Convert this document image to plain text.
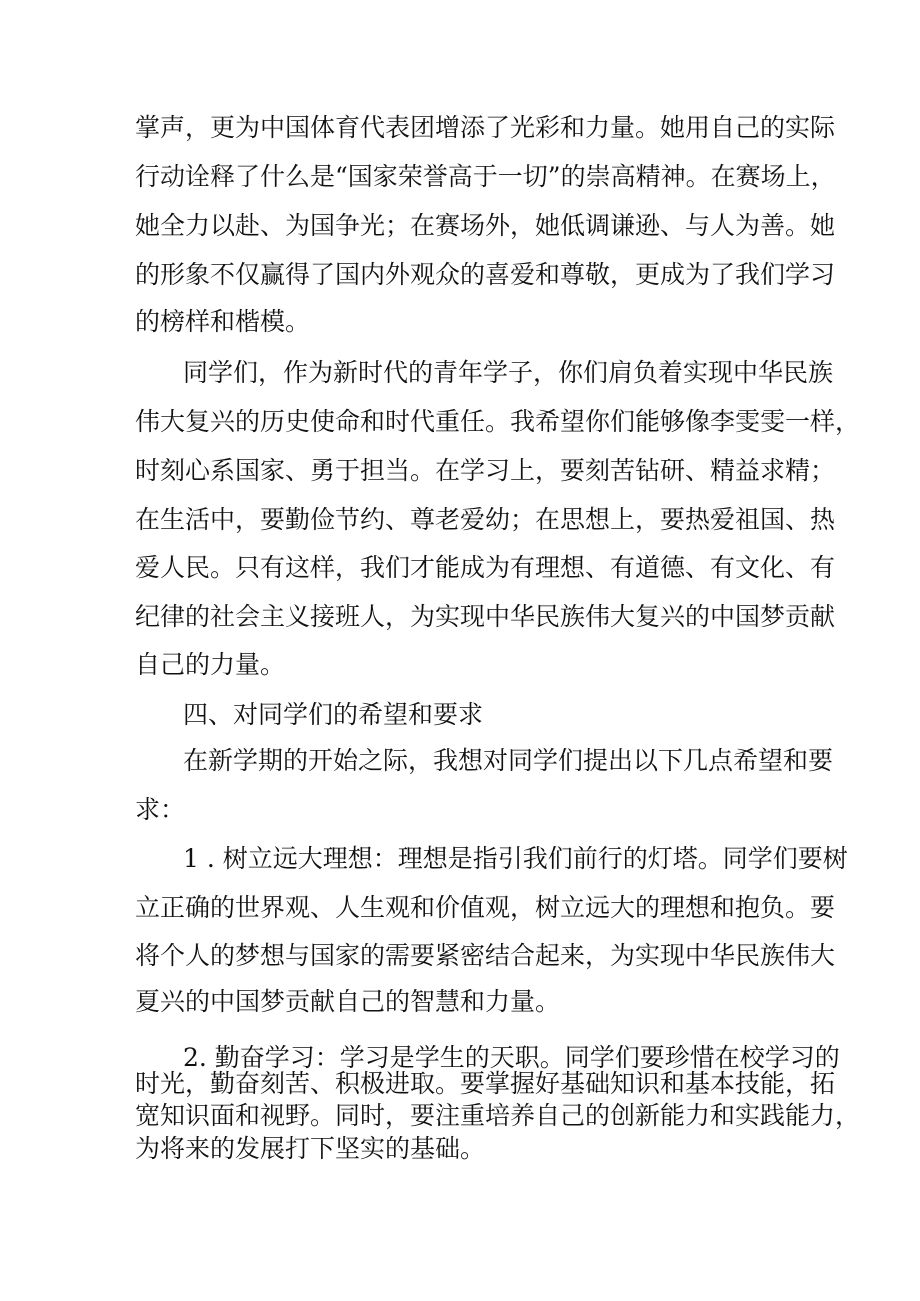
掌声，更为中国体育代表团增添了光彩和力量。她用自己的实际
行动诠释了什么是“国家荣誉高于一切”的崇高精神。在赛场上，
她全力以赴、为国争光；在赛场外，她低调谦逊、与人为善。她
的形象不仅赢得了国内外观众的喜爱和尊敬，更成为了我们学习
的榜样和楷模。
同学们，作为新时代的青年学子，你们肩负着实现中华民族
伟大复兴的历史使命和时代重任。我希望你们能够像李雯雯一样，
时刻心系国家、勇于担当。在学习上，要刻苦钻研、精益求精；
在生活中，要勤俭节约、尊老爱幼；在思想上，要热爱祖国、热
爱人民。只有这样，我们才能成为有理想、有道德、有文化、有
纪律的社会主义接班人，为实现中华民族伟大复兴的中国梦贡献
自己的力量。
四、对同学们的希望和要求
在新学期的开始之际，我想对同学们提出以下几点希望和要
求：
1 . 树立远大理想：理想是指引我们前行的灯塔。同学们要树
立正确的世界观、人生观和价值观，树立远大的理想和抱负。要
将个人的梦想与国家的需要紧密结合起来，为实现中华民族伟大
夏兴的中国梦贡献自己的智慧和力量。
2. 勤奋学习：学习是学生的天职。同学们要珍惜在校学习的
时光，勤奋刻苦、积极进取。要掌握好基础知识和基本技能，拓
宽知识面和视野。同时，要注重培养自己的创新能力和实践能力，
为将来的发展打下坚实的基础。
